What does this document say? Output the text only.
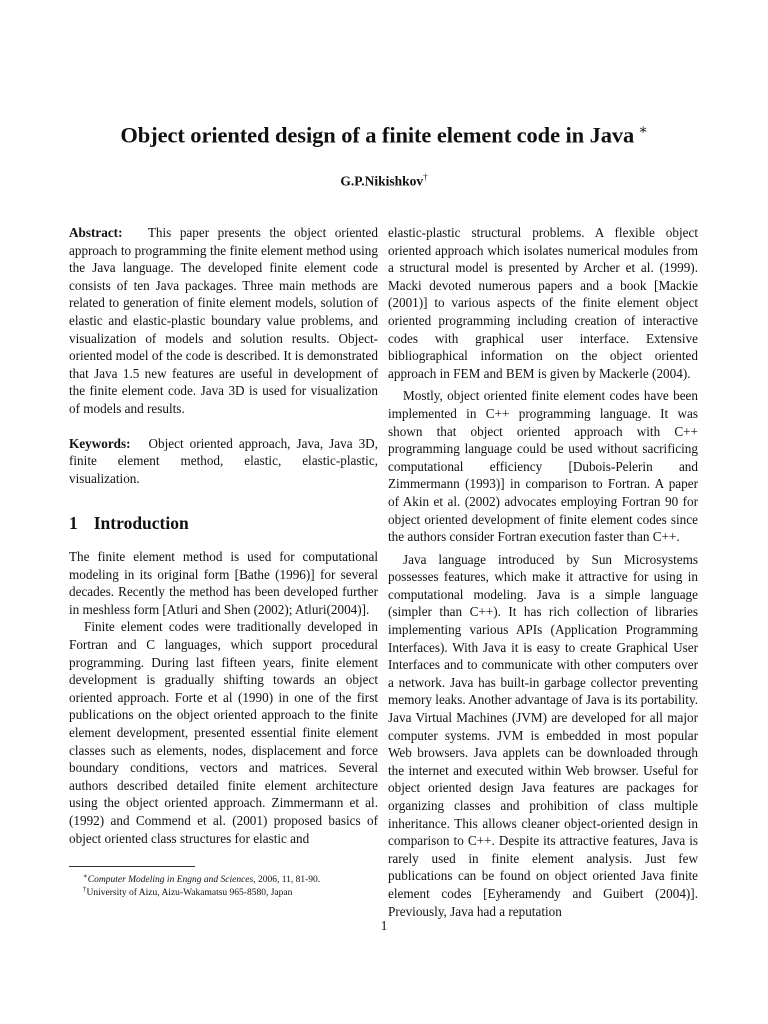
Object oriented design of a finite element code in Java ∗
G.P.Nikishkov†

Abstract: This paper presents the object oriented approach to programming the finite element method using the Java language. The developed finite element code consists of ten Java packages. Three main methods are related to generation of finite element models, solution of elastic and elastic-plastic boundary value problems, and visualization of models and solution results. Object-oriented model of the code is described. It is demonstrated that Java 1.5 new features are useful in development of the finite element code. Java 3D is used for visualization of models and results.

Keywords: Object oriented approach, Java, Java 3D, finite element method, elastic, elastic-plastic, visualization.

1 Introduction

The finite element method is used for computational modeling in its original form [Bathe (1996)] for several decades. Recently the method has been developed further in meshless form [Atluri and Shen (2002); Atluri(2004)].

Finite element codes were traditionally developed in Fortran and C languages, which support procedural programming. During last fifteen years, finite element development is gradually shifting towards an object oriented approach. Forte et al (1990) in one of the first publications on the object oriented approach to the finite element development, presented essential finite element classes such as elements, nodes, displacement and force boundary conditions, vectors and matrices. Several authors described detailed finite element architecture using the object oriented approach. Zimmermann et al. (1992) and Commend et al. (2001) proposed basics of object oriented class structures for elastic and

elastic-plastic structural problems. A flexible object oriented approach which isolates numerical modules from a structural model is presented by Archer et al. (1999). Macki devoted numerous papers and a book [Mackie (2001)] to various aspects of the finite element object oriented programming including creation of interactive codes with graphical user interface. Extensive bibliographical information on the object oriented approach in FEM and BEM is given by Mackerle (2004).

Mostly, object oriented finite element codes have been implemented in C++ programming language. It was shown that object oriented approach with C++ programming language could be used without sacrificing computational efficiency [Dubois-Pelerin and Zimmermann (1993)] in comparison to Fortran. A paper of Akin et al. (2002) advocates employing Fortran 90 for object oriented development of finite element codes since the authors consider Fortran execution faster than C++.

Java language introduced by Sun Microsystems possesses features, which make it attractive for using in computational modeling. Java is a simple language (simpler than C++). It has rich collection of libraries implementing various APIs (Application Programming Interfaces). With Java it is easy to create Graphical User Interfaces and to communicate with other computers over a network. Java has built-in garbage collector preventing memory leaks. Another advantage of Java is its portability. Java Virtual Machines (JVM) are developed for all major computer systems. JVM is embedded in most popular Web browsers. Java applets can be downloaded through the internet and executed within Web browser. Useful for object oriented design Java features are packages for organizing classes and prohibition of class multiple inheritance. This allows cleaner object-oriented design in comparison to C++. Despite its attractive features, Java is rarely used in finite element analysis. Just few publications can be found on object oriented Java finite element codes [Eyheramendy and Guibert (2004)]. Previously, Java had a reputation

∗Computer Modeling in Engng and Sciences, 2006, 11, 81-90.
†University of Aizu, Aizu-Wakamatsu 965-8580, Japan
1
